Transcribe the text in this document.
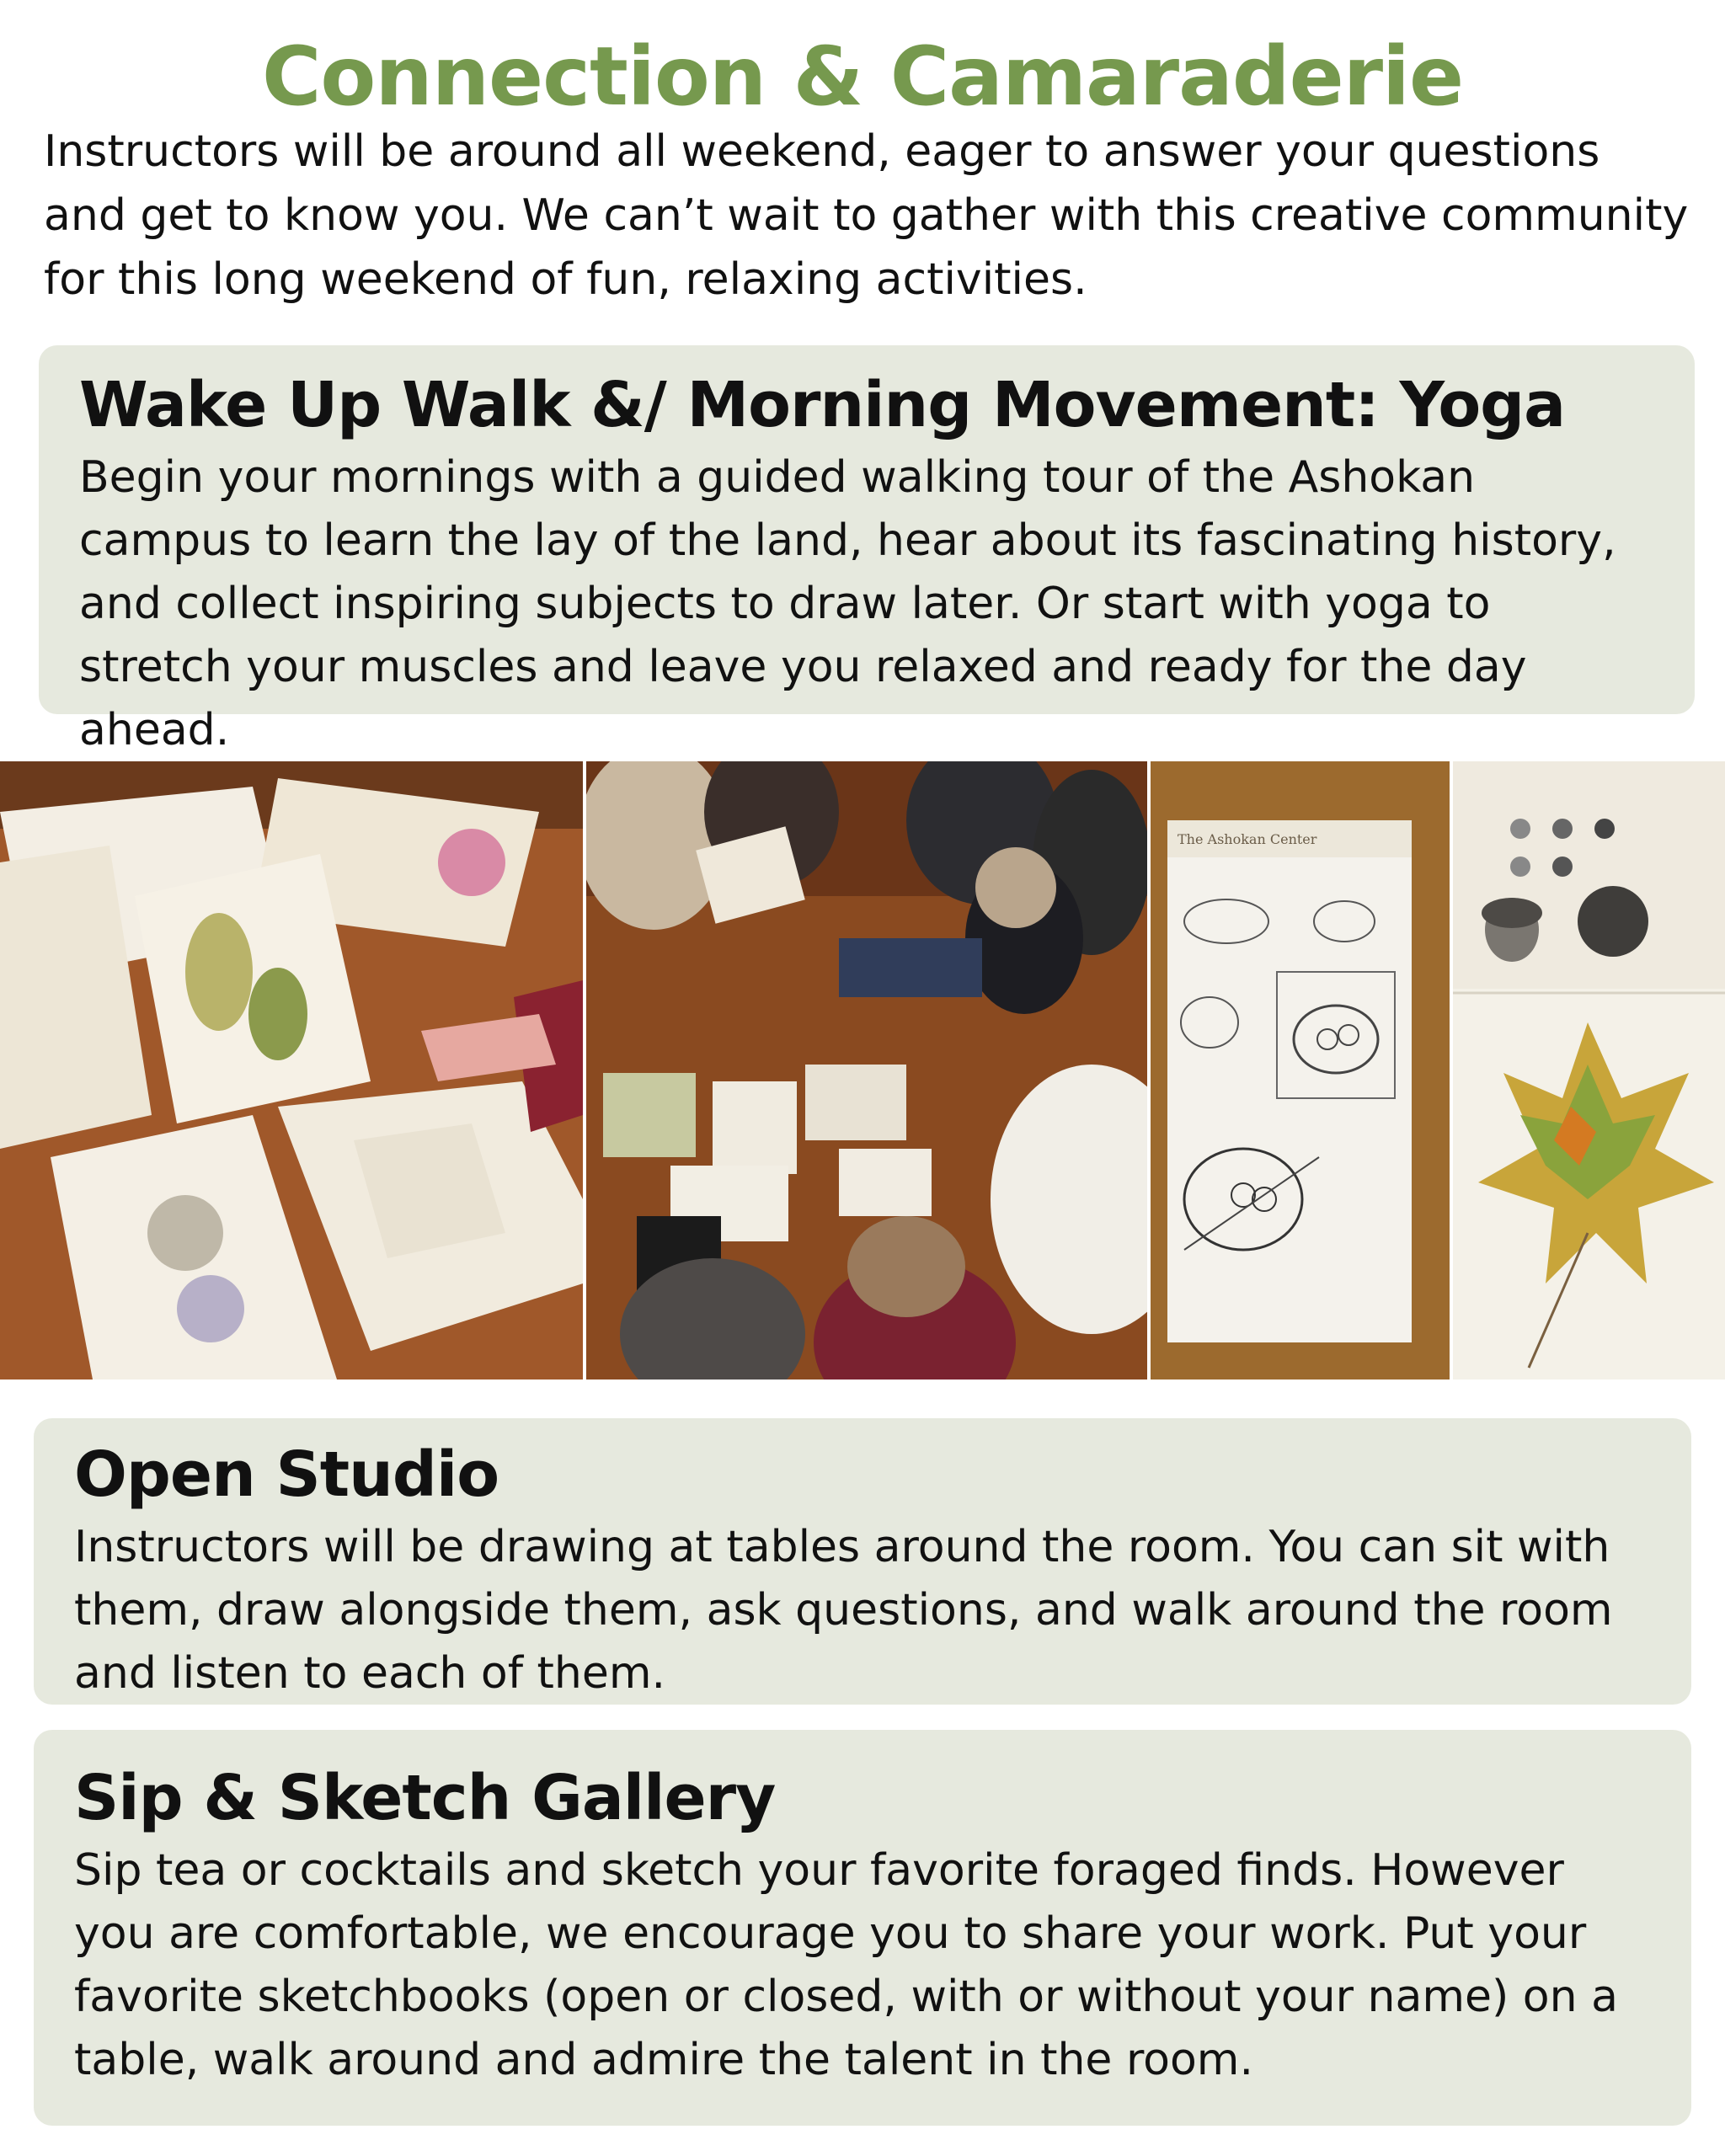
Connection & Camaraderie

Instructors will be around all weekend, eager to answer your questions and get to know you. We can’t wait to gather with this creative community for this long weekend of fun, relaxing activities.

Wake Up Walk &/ Morning Movement: Yoga

Begin your mornings with a guided walking tour of the Ashokan campus to learn the lay of the land, hear about its fascinating history, and collect inspiring subjects to draw later. Or start with yoga to stretch your muscles and leave you relaxed and ready for the day ahead.

The Ashokan Center
Open Studio

Instructors will be drawing at tables around the room. You can sit with them, draw alongside them, ask questions, and walk around the room and listen to each of them.

Sip & Sketch Gallery

Sip tea or cocktails and sketch your favorite foraged finds. However you are comfortable, we encourage you to share your work. Put your favorite sketchbooks (open or closed, with or without your name) on a table, walk around and admire the talent in the room.
